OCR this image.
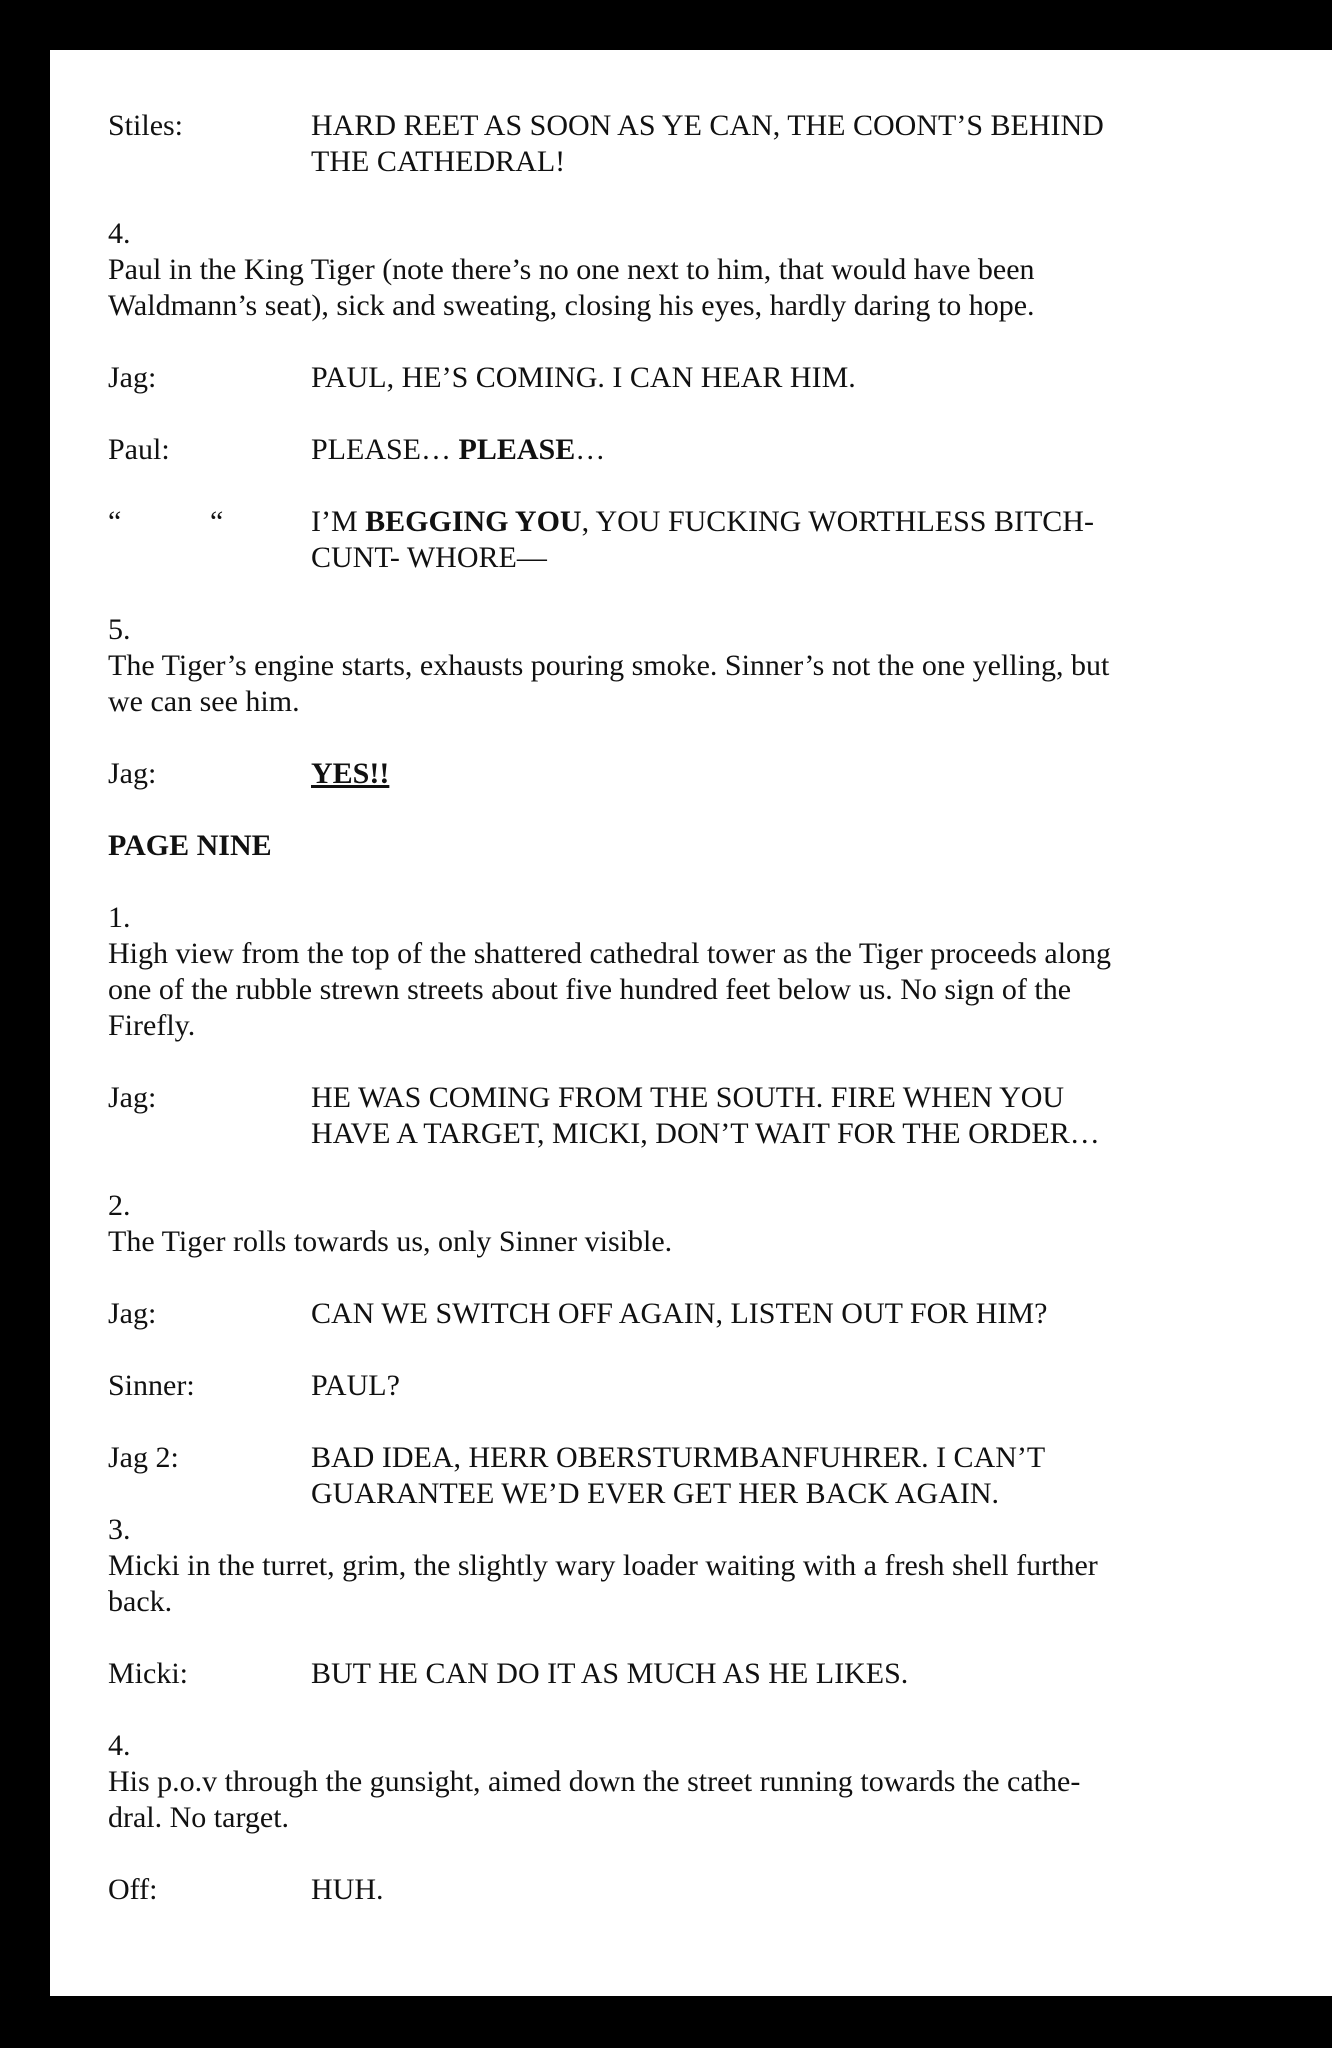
Stiles:	HARD REET AS SOON AS YE CAN, THE COONT’S BEHIND
THE CATHEDRAL!
4.
Paul in the King Tiger (note there’s no one next to him, that would have been
Waldmann’s seat), sick and sweating, closing his eyes, hardly daring to hope.
Jag:	PAUL, HE’S COMING. I CAN HEAR HIM.
Paul:	PLEASE… PLEASE…
“	“	I’M BEGGING YOU, YOU FUCKING WORTHLESS BITCH-
CUNT- WHORE—
5.
The Tiger’s engine starts, exhausts pouring smoke. Sinner’s not the one yelling, but
we can see him.
Jag:	YES!!
PAGE NINE
1.
High view from the top of the shattered cathedral tower as the Tiger proceeds along
one of the rubble strewn streets about five hundred feet below us. No sign of the
Firefly.
Jag:	HE WAS COMING FROM THE SOUTH. FIRE WHEN YOU
HAVE A TARGET, MICKI, DON’T WAIT FOR THE ORDER…
2.
The Tiger rolls towards us, only Sinner visible.
Jag:	CAN WE SWITCH OFF AGAIN, LISTEN OUT FOR HIM?
Sinner:	PAUL?
Jag 2:	BAD IDEA, HERR OBERSTURMBANFUHRER. I CAN’T
GUARANTEE WE’D EVER GET HER BACK AGAIN.
3.
Micki in the turret, grim, the slightly wary loader waiting with a fresh shell further
back.
Micki:	BUT HE CAN DO IT AS MUCH AS HE LIKES.
4.
His p.o.v through the gunsight, aimed down the street running towards the cathe-
dral. No target.
Off:	HUH.
